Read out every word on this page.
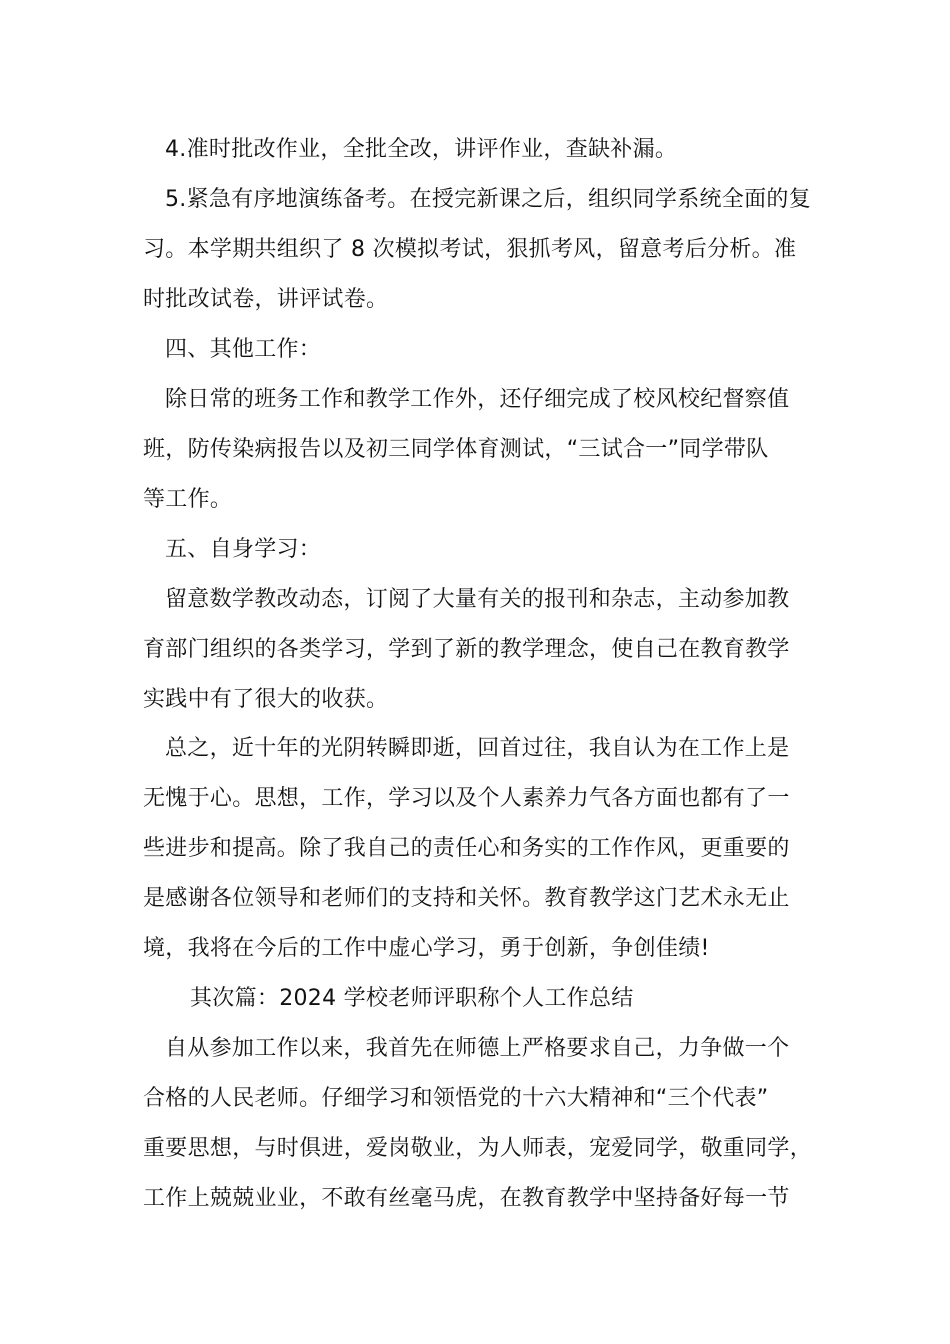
4.准时批改作业，全批全改，讲评作业，查缺补漏。
5.紧急有序地演练备考。在授完新课之后，组织同学系统全面的复
习。本学期共组织了 8 次模拟考试，狠抓考风，留意考后分析。准
时批改试卷，讲评试卷。
四、其他工作：
除日常的班务工作和教学工作外，还仔细完成了校风校纪督察值
班，防传染病报告以及初三同学体育测试，“三试合一”同学带队
等工作。
五、自身学习：
留意数学教改动态，订阅了大量有关的报刊和杂志，主动参加教
育部门组织的各类学习，学到了新的教学理念，使自己在教育教学
实践中有了很大的收获。
总之，近十年的光阴转瞬即逝，回首过往，我自认为在工作上是
无愧于心。思想，工作，学习以及个人素养力气各方面也都有了一
些进步和提高。除了我自己的责任心和务实的工作作风，更重要的
是感谢各位领导和老师们的支持和关怀。教育教学这门艺术永无止
境，我将在今后的工作中虚心学习，勇于创新，争创佳绩!
其次篇：2024 学校老师评职称个人工作总结
自从参加工作以来，我首先在师德上严格要求自己，力争做一个
合格的人民老师。仔细学习和领悟党的十六大精神和“三个代表”
重要思想，与时俱进，爱岗敬业，为人师表，宠爱同学，敬重同学，
工作上兢兢业业，不敢有丝毫马虎，在教育教学中坚持备好每一节
